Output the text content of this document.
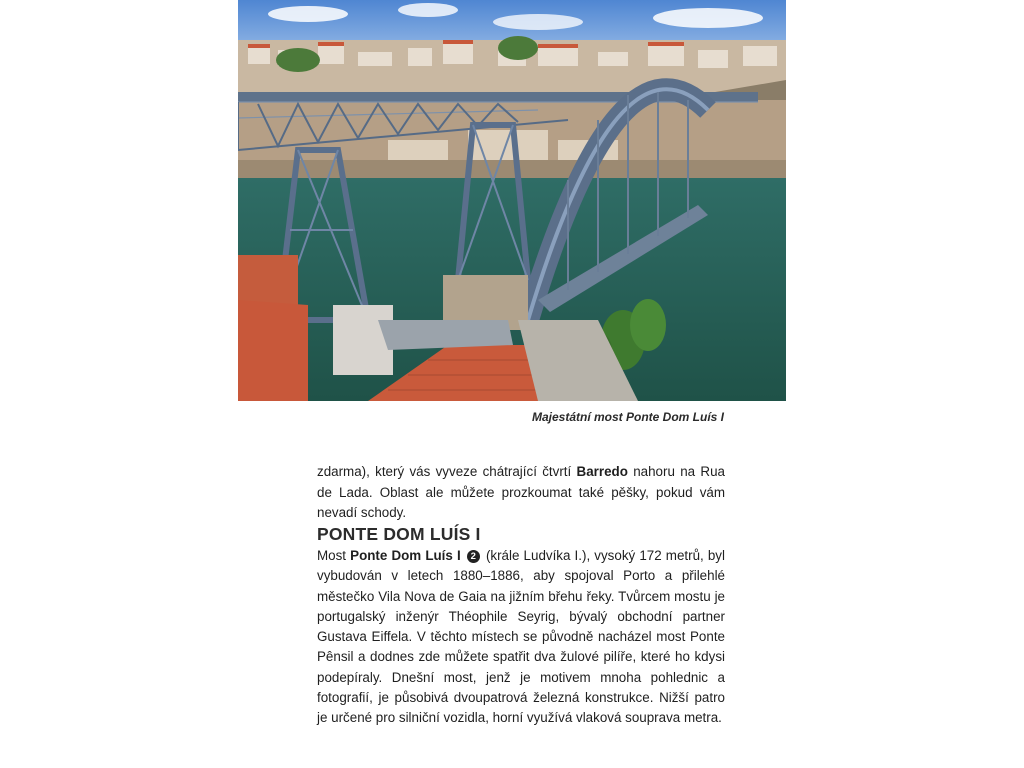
Majestátní most Ponte Dom Luís I

zdarma), který vás vyveze chátrající čtvrtí Barredo nahoru na Rua de Lada. Oblast ale můžete prozkoumat také pěšky, pokud vám nevadí schody.

PONTE DOM LUÍS I

Most Ponte Dom Luís I 2 (krále Ludvíka I.), vysoký 172 metrů, byl vybudován v letech 1880–1886, aby spojoval Porto a přilehlé městečko Vila Nova de Gaia na jižním břehu řeky. Tvůrcem mostu je portugalský inženýr Théophile Seyrig, bývalý obchodní partner Gustava Eiffela. V těchto místech se původně nacházel most Ponte Pênsil a dodnes zde můžete spatřit dva žulové pilíře, které ho kdysi podepíraly. Dnešní most, jenž je motivem mnoha pohlednic a fotografií, je působivá dvoupatrová železná konstrukce. Nižší patro je určené pro silniční vozidla, horní využívá vlaková souprava metra.
